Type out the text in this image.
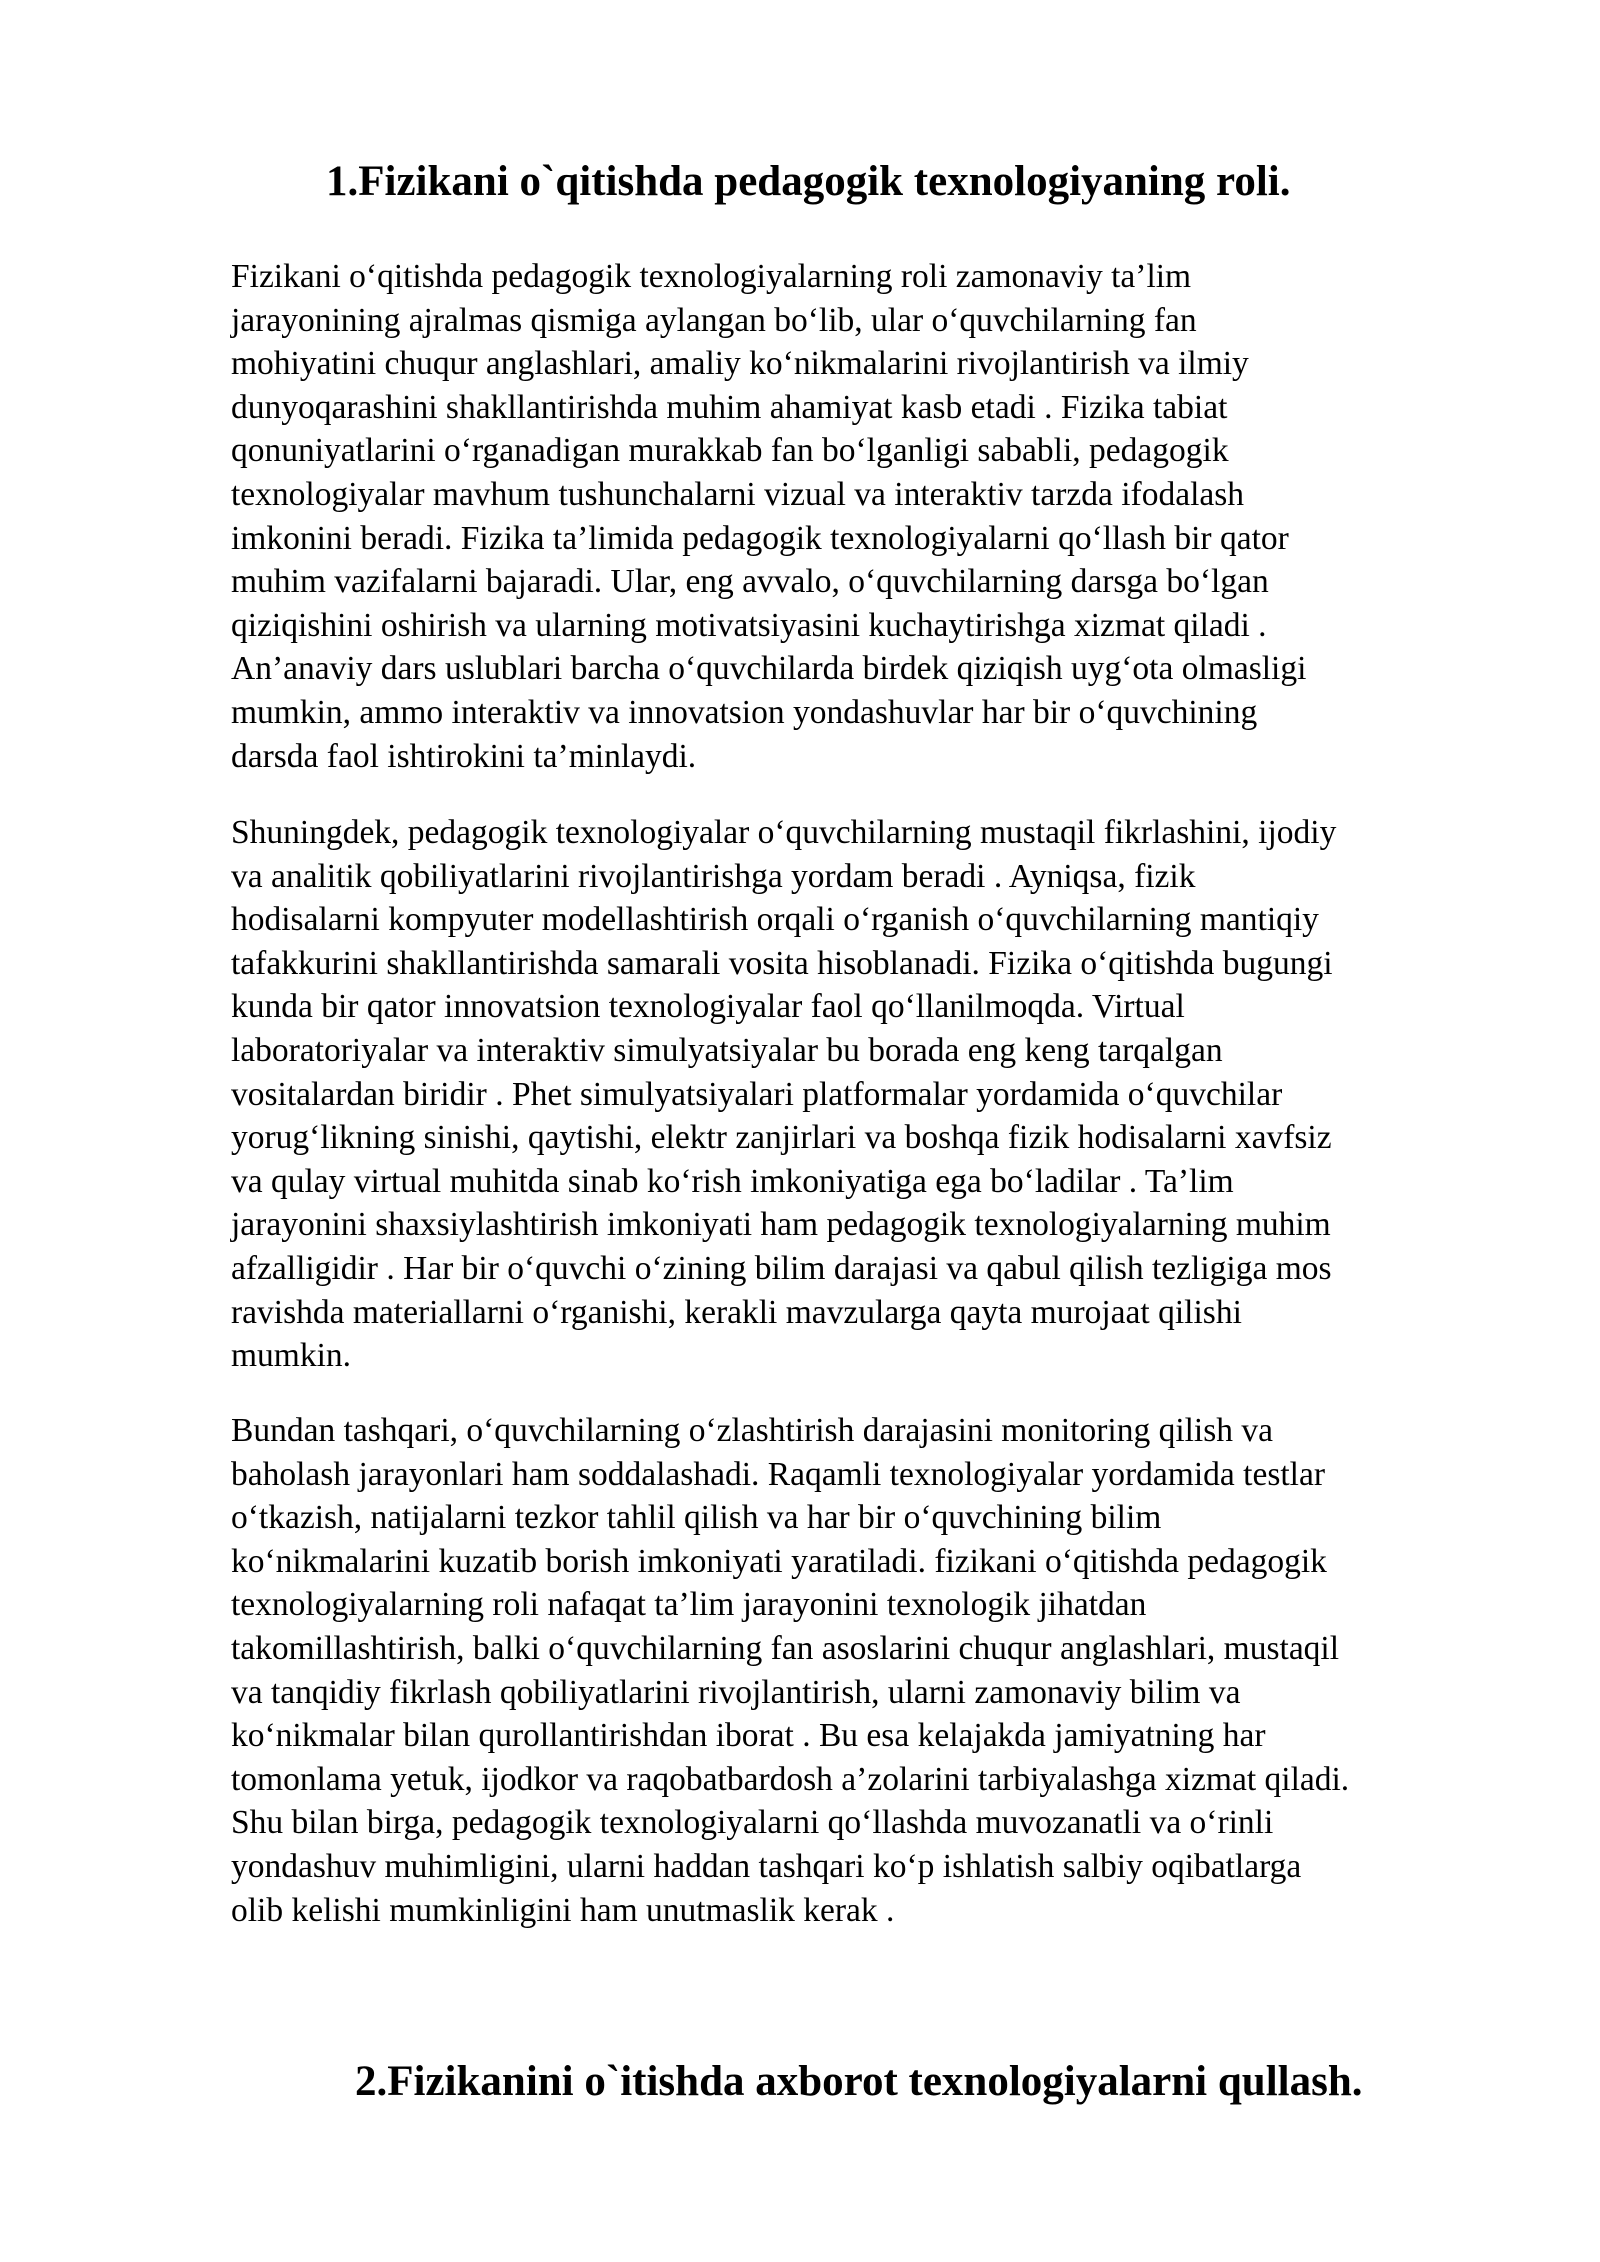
1.Fizikani o`qitishda pedagogik texnologiyaning roli.

Fizikani o‘qitishda pedagogik texnologiyalarning roli zamonaviy ta’lim
jarayonining ajralmas qismiga aylangan bo‘lib, ular o‘quvchilarning fan
mohiyatini chuqur anglashlari, amaliy ko‘nikmalarini rivojlantirish va ilmiy
dunyoqarashini shakllantirishda muhim ahamiyat kasb etadi . Fizika tabiat
qonuniyatlarini o‘rganadigan murakkab fan bo‘lganligi sababli, pedagogik
texnologiyalar mavhum tushunchalarni vizual va interaktiv tarzda ifodalash
imkonini beradi. Fizika ta’limida pedagogik texnologiyalarni qo‘llash bir qator
muhim vazifalarni bajaradi. Ular, eng avvalo, o‘quvchilarning darsga bo‘lgan
qiziqishini oshirish va ularning motivatsiyasini kuchaytirishga xizmat qiladi .
An’anaviy dars uslublari barcha o‘quvchilarda birdek qiziqish uyg‘ota olmasligi
mumkin, ammo interaktiv va innovatsion yondashuvlar har bir o‘quvchining
darsda faol ishtirokini ta’minlaydi.

Shuningdek, pedagogik texnologiyalar o‘quvchilarning mustaqil fikrlashini, ijodiy
va analitik qobiliyatlarini rivojlantirishga yordam beradi . Ayniqsa, fizik
hodisalarni kompyuter modellashtirish orqali o‘rganish o‘quvchilarning mantiqiy
tafakkurini shakllantirishda samarali vosita hisoblanadi. Fizika o‘qitishda bugungi
kunda bir qator innovatsion texnologiyalar faol qo‘llanilmoqda. Virtual
laboratoriyalar va interaktiv simulyatsiyalar bu borada eng keng tarqalgan
vositalardan biridir . Phet simulyatsiyalari platformalar yordamida o‘quvchilar
yorug‘likning sinishi, qaytishi, elektr zanjirlari va boshqa fizik hodisalarni xavfsiz
va qulay virtual muhitda sinab ko‘rish imkoniyatiga ega bo‘ladilar . Ta’lim
jarayonini shaxsiylashtirish imkoniyati ham pedagogik texnologiyalarning muhim
afzalligidir . Har bir o‘quvchi o‘zining bilim darajasi va qabul qilish tezligiga mos
ravishda materiallarni o‘rganishi, kerakli mavzularga qayta murojaat qilishi
mumkin.

Bundan tashqari, o‘quvchilarning o‘zlashtirish darajasini monitoring qilish va
baholash jarayonlari ham soddalashadi. Raqamli texnologiyalar yordamida testlar
o‘tkazish, natijalarni tezkor tahlil qilish va har bir o‘quvchining bilim
ko‘nikmalarini kuzatib borish imkoniyati yaratiladi. fizikani o‘qitishda pedagogik
texnologiyalarning roli nafaqat ta’lim jarayonini texnologik jihatdan
takomillashtirish, balki o‘quvchilarning fan asoslarini chuqur anglashlari, mustaqil
va tanqidiy fikrlash qobiliyatlarini rivojlantirish, ularni zamonaviy bilim va
ko‘nikmalar bilan qurollantirishdan iborat . Bu esa kelajakda jamiyatning har
tomonlama yetuk, ijodkor va raqobatbardosh a’zolarini tarbiyalashga xizmat qiladi.
Shu bilan birga, pedagogik texnologiyalarni qo‘llashda muvozanatli va o‘rinli
yondashuv muhimligini, ularni haddan tashqari ko‘p ishlatish salbiy oqibatlarga
olib kelishi mumkinligini ham unutmaslik kerak .

2.Fizikanini o`itishda axborot texnologiyalarni qullash.
